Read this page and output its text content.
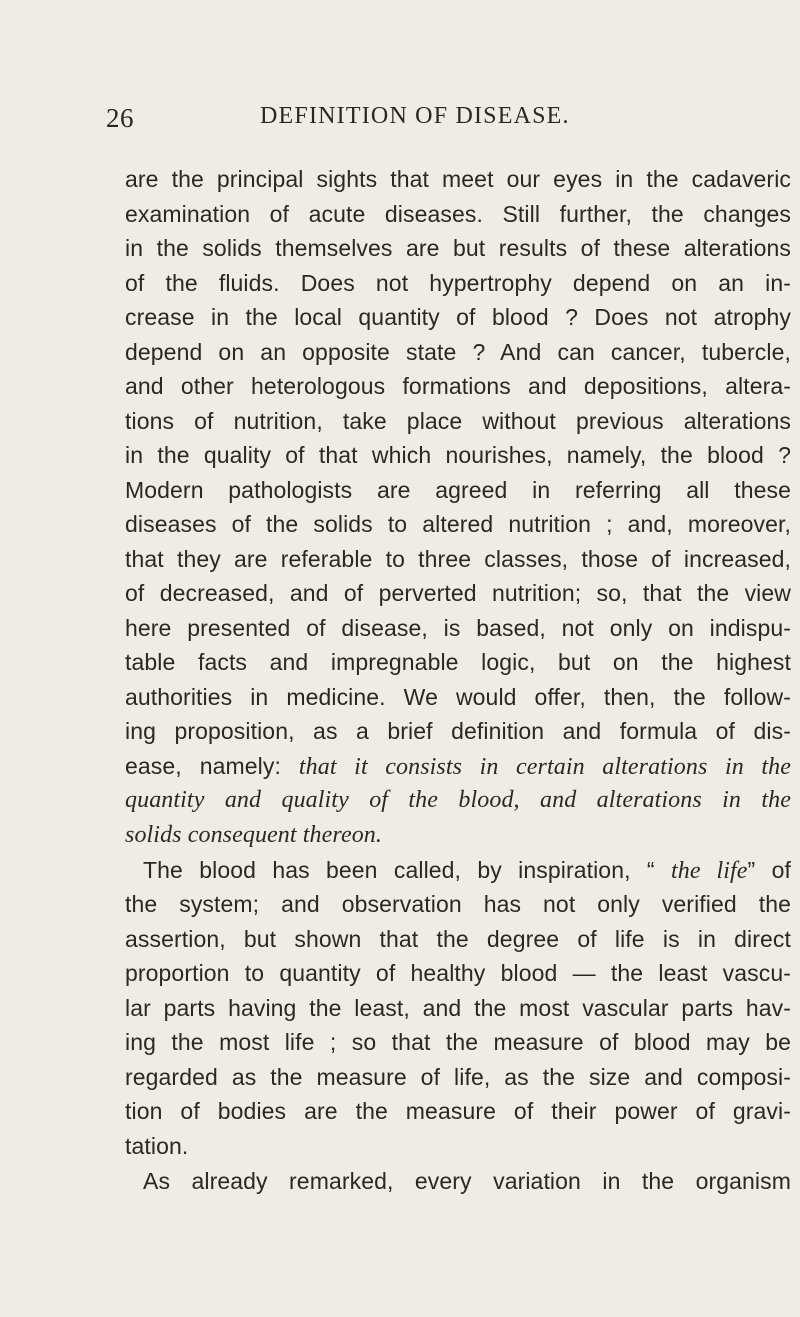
26	DEFINITION OF DISEASE.
are the principal sights that meet our eyes in the cadaveric
examination of acute diseases. Still further, the changes
in the solids themselves are but results of these alterations
of the fluids. Does not hypertrophy depend on an in-
crease in the local quantity of blood ? Does not atrophy
depend on an opposite state ? And can cancer, tubercle,
and other heterologous formations and depositions, altera-
tions of nutrition, take place without previous alterations
in the quality of that which nourishes, namely, the blood ?
Modern pathologists are agreed in referring all these
diseases of the solids to altered nutrition ; and, moreover,
that they are referable to three classes, those of increased,
of decreased, and of perverted nutrition; so, that the view
here presented of disease, is based, not only on indispu-
table facts and impregnable logic, but on the highest
authorities in medicine. We would offer, then, the follow-
ing proposition, as a brief definition and formula of dis-
ease, namely: that it consists in certain alterations in the
quantity and quality of the blood, and alterations in the
solids consequent thereon.
The blood has been called, by inspiration, “ the life” of
the system; and observation has not only verified the
assertion, but shown that the degree of life is in direct
proportion to quantity of healthy blood — the least vascu-
lar parts having the least, and the most vascular parts hav-
ing the most life ; so that the measure of blood may be
regarded as the measure of life, as the size and composi-
tion of bodies are the measure of their power of gravi-
tation.
As already remarked, every variation in the organism
